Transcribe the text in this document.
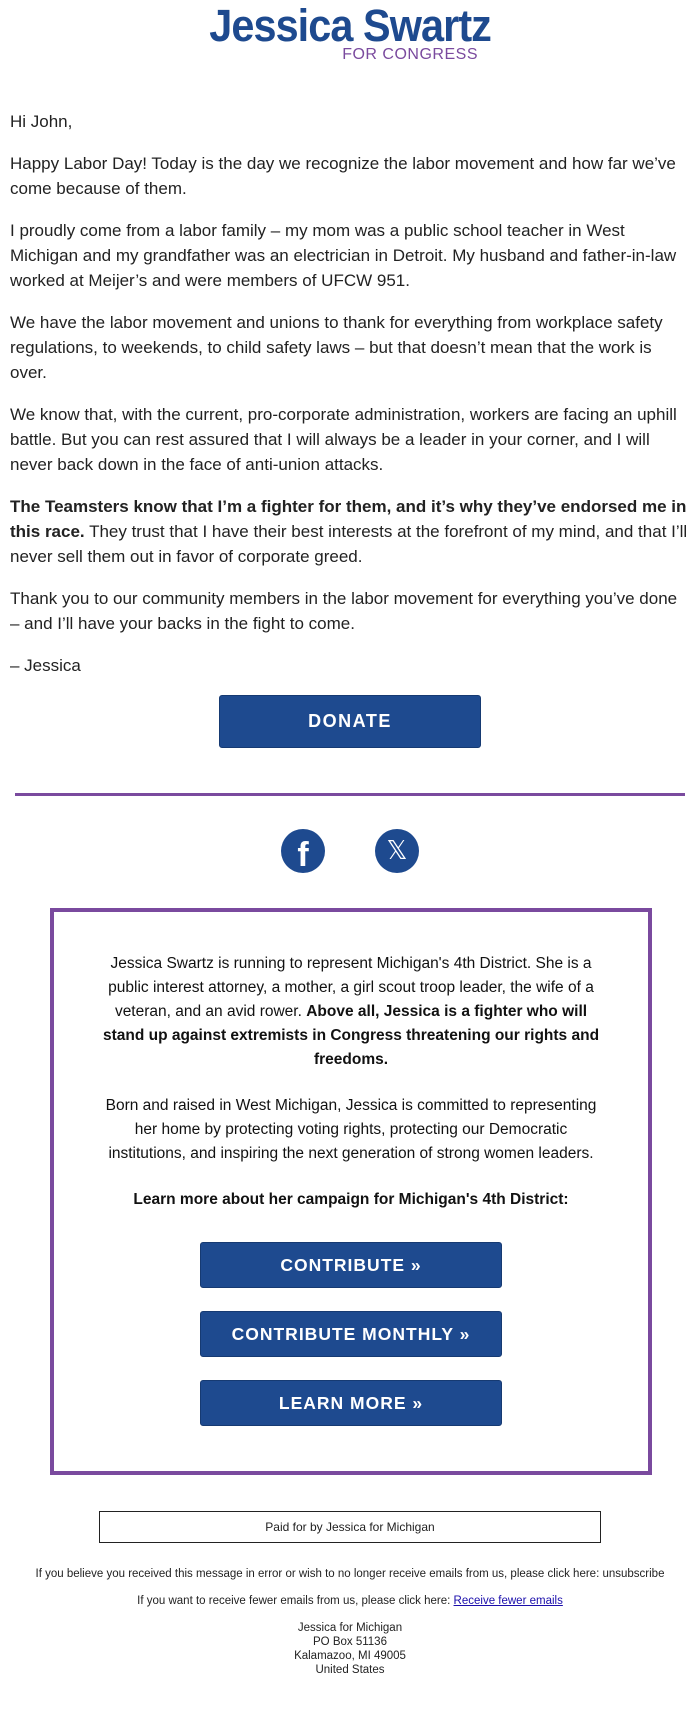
Jessica Swartz
FOR CONGRESS

Hi John,

Happy Labor Day! Today is the day we recognize the labor movement and how far we’ve come because of them.

I proudly come from a labor family – my mom was a public school teacher in West Michigan and my grandfather was an electrician in Detroit. My husband and father-in-law worked at Meijer’s and were members of UFCW 951.

We have the labor movement and unions to thank for everything from workplace safety regulations, to weekends, to child safety laws – but that doesn’t mean that the work is over.

We know that, with the current, pro-corporate administration, workers are facing an uphill battle. But you can rest assured that I will always be a leader in your corner, and I will never back down in the face of anti-union attacks.

The Teamsters know that I’m a fighter for them, and it’s why they’ve endorsed me in this race. They trust that I have their best interests at the forefront of my mind, and that I’ll never sell them out in favor of corporate greed.

Thank you to our community members in the labor movement for everything you’ve done – and I’ll have your backs in the fight to come.

– Jessica

DONATE
f	𝕏

Jessica Swartz is running to represent Michigan's 4th District. She is a public interest attorney, a mother, a girl scout troop leader, the wife of a veteran, and an avid rower. Above all, Jessica is a fighter who will stand up against extremists in Congress threatening our rights and freedoms.

Born and raised in West Michigan, Jessica is committed to representing her home by protecting voting rights, protecting our Democratic institutions, and inspiring the next generation of strong women leaders.

Learn more about her campaign for Michigan's 4th District:

CONTRIBUTE »
CONTRIBUTE MONTHLY »
LEARN MORE »
Paid for by Jessica for Michigan

If you believe you received this message in error or wish to no longer receive emails from us, please click here: unsubscribe

If you want to receive fewer emails from us, please click here: Receive fewer emails

Jessica for Michigan
PO Box 51136
Kalamazoo, MI 49005
United States
